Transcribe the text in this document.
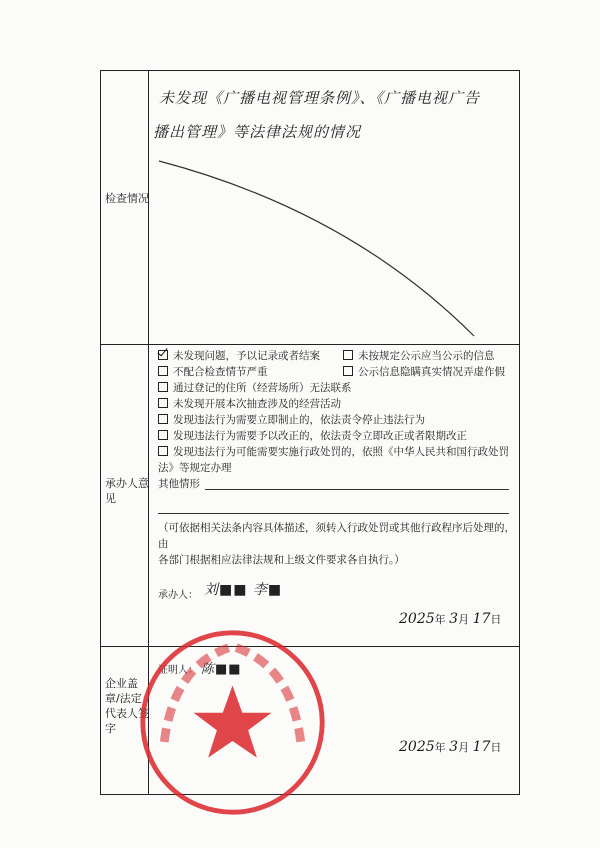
检查情况
未发现《广播电视管理条例》、《广播电视广告
播出管理》等法律法规的情况
承办人意见
未发现问题，予以记录或者结案	未按规定公示应当公示的信息
不配合检查情节严重	公示信息隐瞒真实情况弄虚作假
通过登记的住所（经营场所）无法联系
未发现开展本次抽查涉及的经营活动
发现违法行为需要立即制止的，依法责令停止违法行为
发现违法行为需要予以改正的，依法责令立即改正或者限期改正
发现违法行为可能需要实施行政处罚的，依照《中华人民共和国行政处罚
法》等规定办理
其他情形
（可依据相关法条内容具体描述，须转入行政处罚或其他行政程序后处理的，
由
各部门根据相应法律法规和上级文件要求各自执行。）
承办人： 刘■■ 李■
2025年 3月 17日
企业盖章/法定代表人签字
证明人： 陈■■
2025年 3月 17日
